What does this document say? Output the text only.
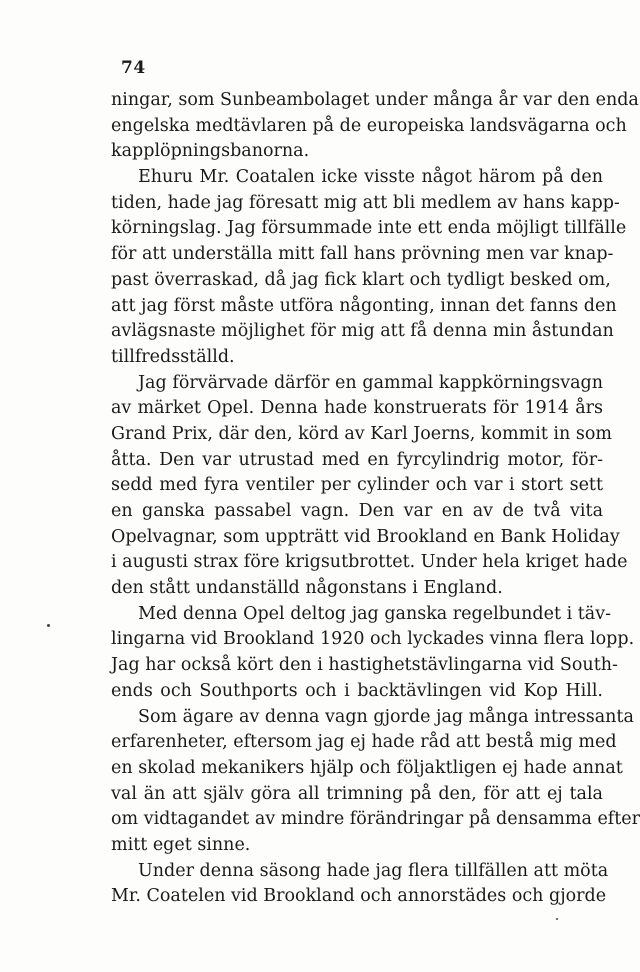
74
ningar, som Sunbeambolaget under många år var den enda
engelska medtävlaren på de europeiska landsvägarna och
kapplöpningsbanorna.
Ehuru Mr. Coatalen icke visste något härom på den
tiden, hade jag föresatt mig att bli medlem av hans kapp-
körningslag. Jag försummade inte ett enda möjligt tillfälle
för att underställa mitt fall hans prövning men var knap-
past överraskad, då jag fick klart och tydligt besked om,
att jag först måste utföra någonting, innan det fanns den
avlägsnaste möjlighet för mig att få denna min åstundan
tillfredsställd.
Jag förvärvade därför en gammal kappkörningsvagn
av märket Opel. Denna hade konstruerats för 1914 års
Grand Prix, där den, körd av Karl Joerns, kommit in som
åtta. Den var utrustad med en fyrcylindrig motor, för-
sedd med fyra ventiler per cylinder och var i stort sett
en ganska passabel vagn. Den var en av de två vita
Opelvagnar, som uppträtt vid Brookland en Bank Holiday
i augusti strax före krigsutbrottet. Under hela kriget hade
den stått undanställd någonstans i England.
Med denna Opel deltog jag ganska regelbundet i täv-
lingarna vid Brookland 1920 och lyckades vinna flera lopp.
Jag har också kört den i hastighetstävlingarna vid South-
ends och Southports och i backtävlingen vid Kop Hill.
Som ägare av denna vagn gjorde jag många intressanta
erfarenheter, eftersom jag ej hade råd att bestå mig med
en skolad mekanikers hjälp och följaktligen ej hade annat
val än att själv göra all trimning på den, för att ej tala
om vidtagandet av mindre förändringar på densamma efter
mitt eget sinne.
Under denna säsong hade jag flera tillfällen att möta
Mr. Coatelen vid Brookland och annorstädes och gjorde
